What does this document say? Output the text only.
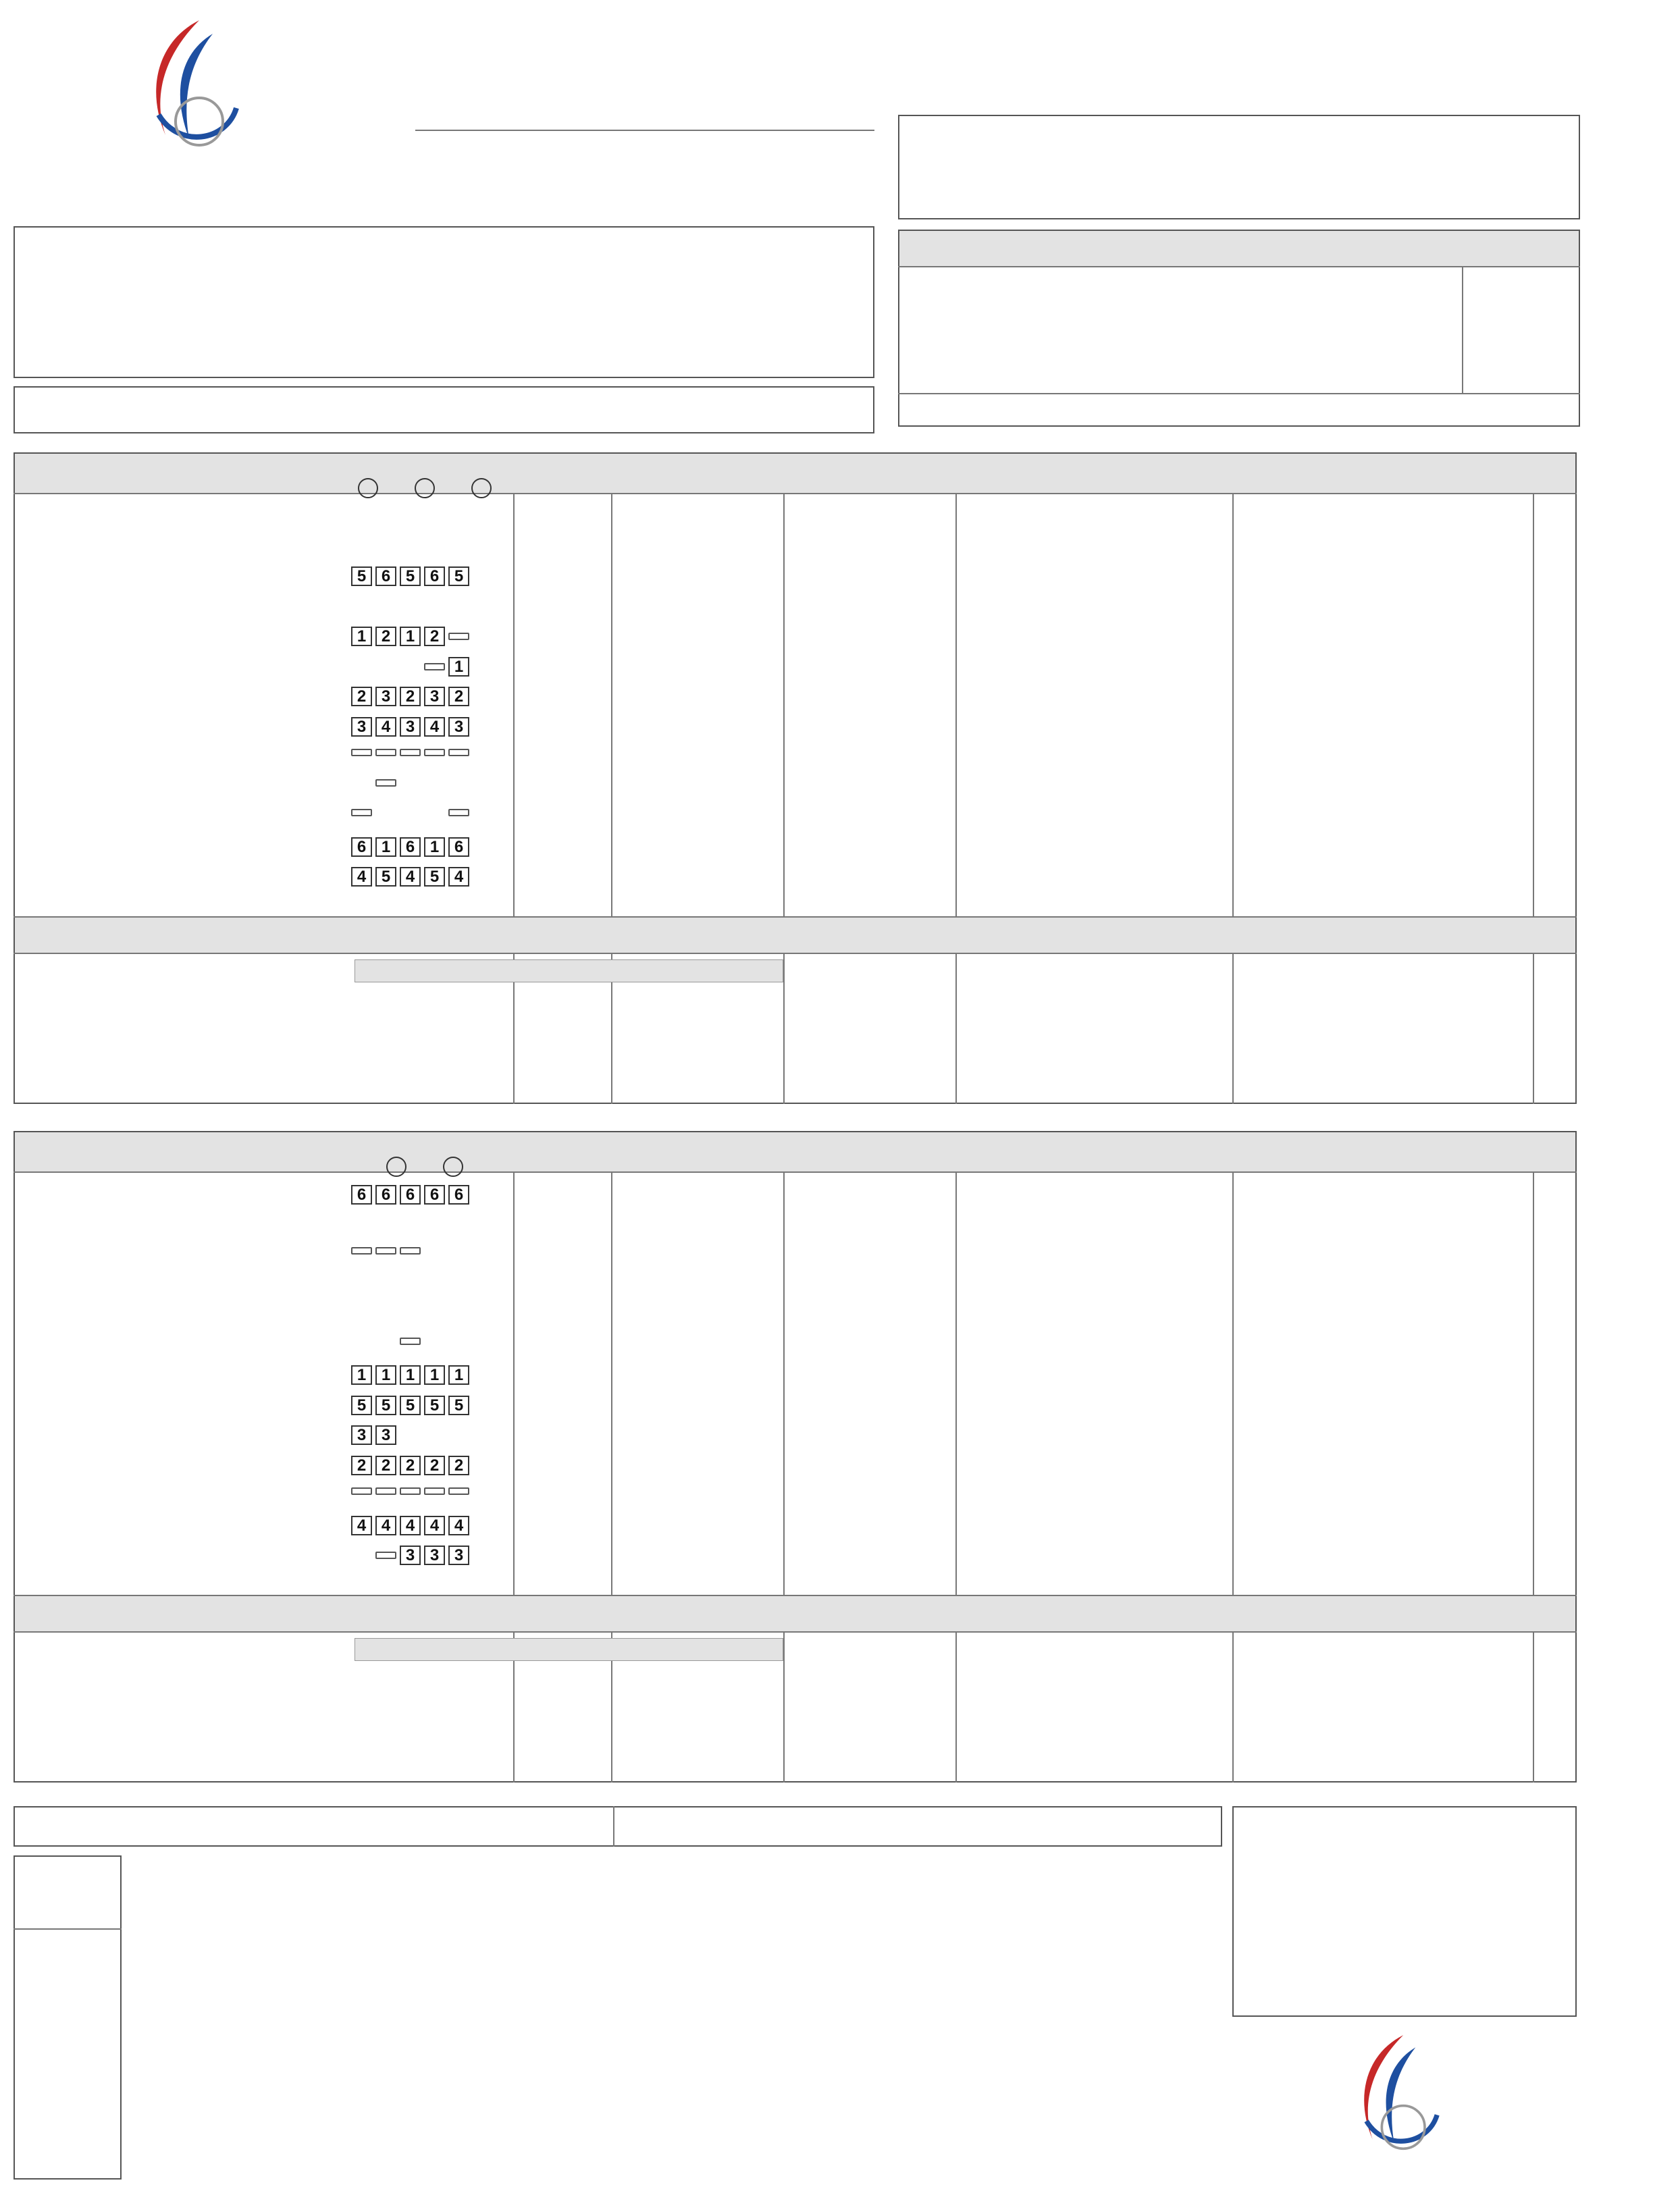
5 6 5 6 5
1 2 1 2
1
2 3 2 3 2
3 4 3 4 3
6 1 6 1 6
4 5 4 5 4
6 6 6 6 6
1 1 1 1 1
5 5 5 5 5
3 3
2 2 2 2 2
4 4 4 4 4
3 3 3
